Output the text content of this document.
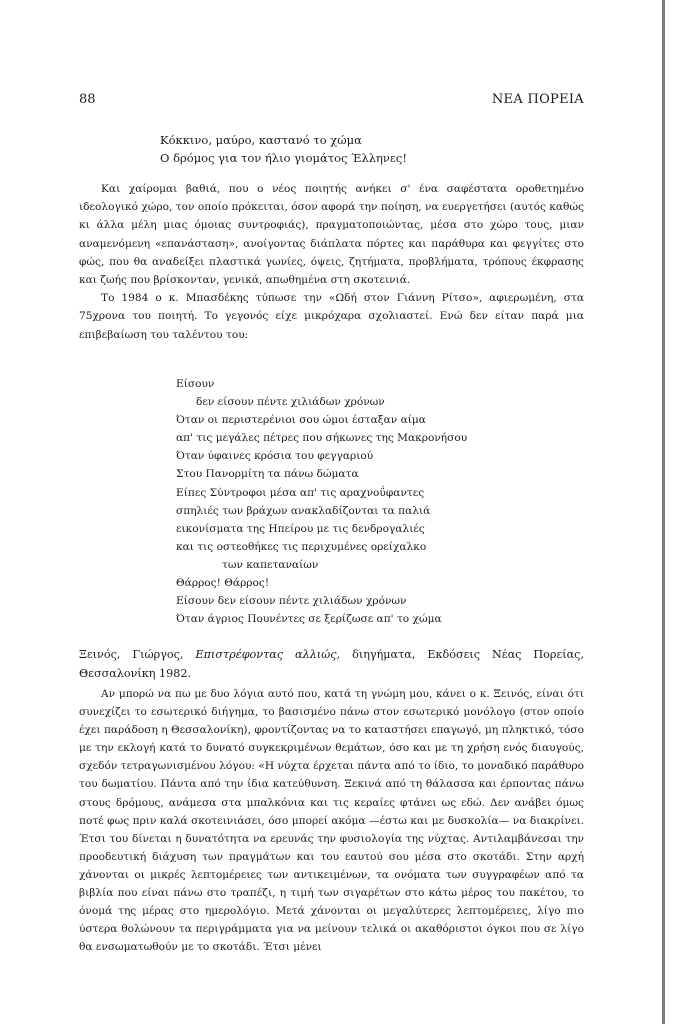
88	ΝΕΑ ΠΟΡΕΙΑ
Κόκκινο, μαύρο, καστανό το χώμα
Ο δρόμος για τον ήλιο γιομάτος Έλληνες!

Και χαίρομαι βαθιά, που ο νέος ποιητής ανήκει σ' ένα σαφέστατα οροθετημένο ιδεολογικό χώρο, τον οποίο πρόκειται, όσον αφορά την ποίηση, να ευεργετήσει (αυτός καθώς κι άλλα μέλη μιας όμοιας συντροφιάς), πραγματοποιώντας, μέσα στο χώρο τους, μιαν αναμενόμενη «επανάσταση», ανοίγοντας διάπλατα πόρτες και παράθυρα και φεγγίτες στο φώς, που θα αναδείξει πλαστικά γωνίες, όψεις, ζητήματα, προβλήματα, τρόπους έκφρασης και ζωής που βρίσκονταν, γενικά, απωθημένα στη σκοτεινιά.

Το 1984 ο κ. Μπασδέκης τύπωσε την «Ωδή στον Γιάννη Ρίτσο», αφιερωμένη, στα 75χρονα του ποιητή. Το γεγονός είχε μικρόχαρα σχολιαστεί. Ενώ δεν είταν παρά μια επιβεβαίωση του ταλέντου του:

Είσουν
δεν είσουν πέντε χιλιάδων χρόνων
Όταν οι περιστερένιοι σου ώμοι έσταξαν αίμα
απ' τις μεγάλες πέτρες που σήκωνες της Μακρονήσου
Όταν ύφαινες κρόσια του φεγγαριού
Στου Πανορμίτη τα πάνω δώματα
Είπες Σύντροφοι μέσα απ' τις αραχνοΰφαντες
σπηλιές των βράχων ανακλαδίζονται τα παλιά
εικονίσματα της Ηπείρου με τις δενδρογαλιές
και τις οστεοθήκες τις περιχυμένες ορείχαλκο
των καπεταναίων
Θάρρος! Θάρρος!
Είσουν δεν είσουν πέντε χιλιάδων χρόνων
Όταν άγριος Πουνέντες σε ξερίζωσε απ' το χώμα
Ξεινός, Γιώργος, Επιστρέφοντας αλλιώς, διηγήματα, Εκδόσεις Νέας Πορείας, Θεσσαλονίκη 1982.

Αν μπορώ να πω με δυο λόγια αυτό που, κατά τη γνώμη μου, κάνει ο κ. Ξεινός, είναι ότι συνεχίζει το εσωτερικό διήγημα, το βασισμένο πάνω στον εσωτερικό μονόλογο (στον οποίο έχει παράδοση η Θεσσαλονίκη), φροντίζοντας να το καταστήσει επαγωγό, μη πληκτικό, τόσο με την εκλογή κατά το δυνατό συγκεκριμένων θεμάτων, όσο και με τη χρήση ενός διαυγούς, σχεδόν τετραγωνισμένου λόγου: «Η νύχτα έρχεται πάντα από το ίδιο, το μοναδικό παράθυρο του δωματίου. Πάντα από την ίδια κατεύθυνση. Ξεκινά από τη θάλασσα και έρποντας πάνω στους δρόμους, ανάμεσα στα μπαλκόνια και τις κεραίες φτάνει ως εδώ. Δεν ανάβει όμως ποτέ φως πριν καλά σκοτεινιάσει, όσο μπορεί ακόμα —έστω και με δυσκολία— να διακρίνει. Έτσι του δίνεται η δυνατότητα να ερευνάς την φυσιολογία της νύχτας. Αντιλαμβάνεσαι την προοδευτική διάχυση των πραγμάτων και του εαυτού σου μέσα στο σκοτάδι. Στην αρχή χάνονται οι μικρές λεπτομέρειες των αντικειμένων, τα ονόματα των συγγραφέων από τα βιβλία που είναι πάνω στο τραπέζι, η τιμή των σιγαρέτων στο κάτω μέρος του πακέτου, το όνομά της μέρας στο ημερολόγιο. Μετά χάνονται οι μεγαλύτερες λεπτομέρειες, λίγο πιο ύστερα θολώνουν τα περιγράμματα για να μείνουν τελικά οι ακαθόριστοι όγκοι που σε λίγο θα ενσωματωθούν με το σκοτάδι. Έτσι μένει
